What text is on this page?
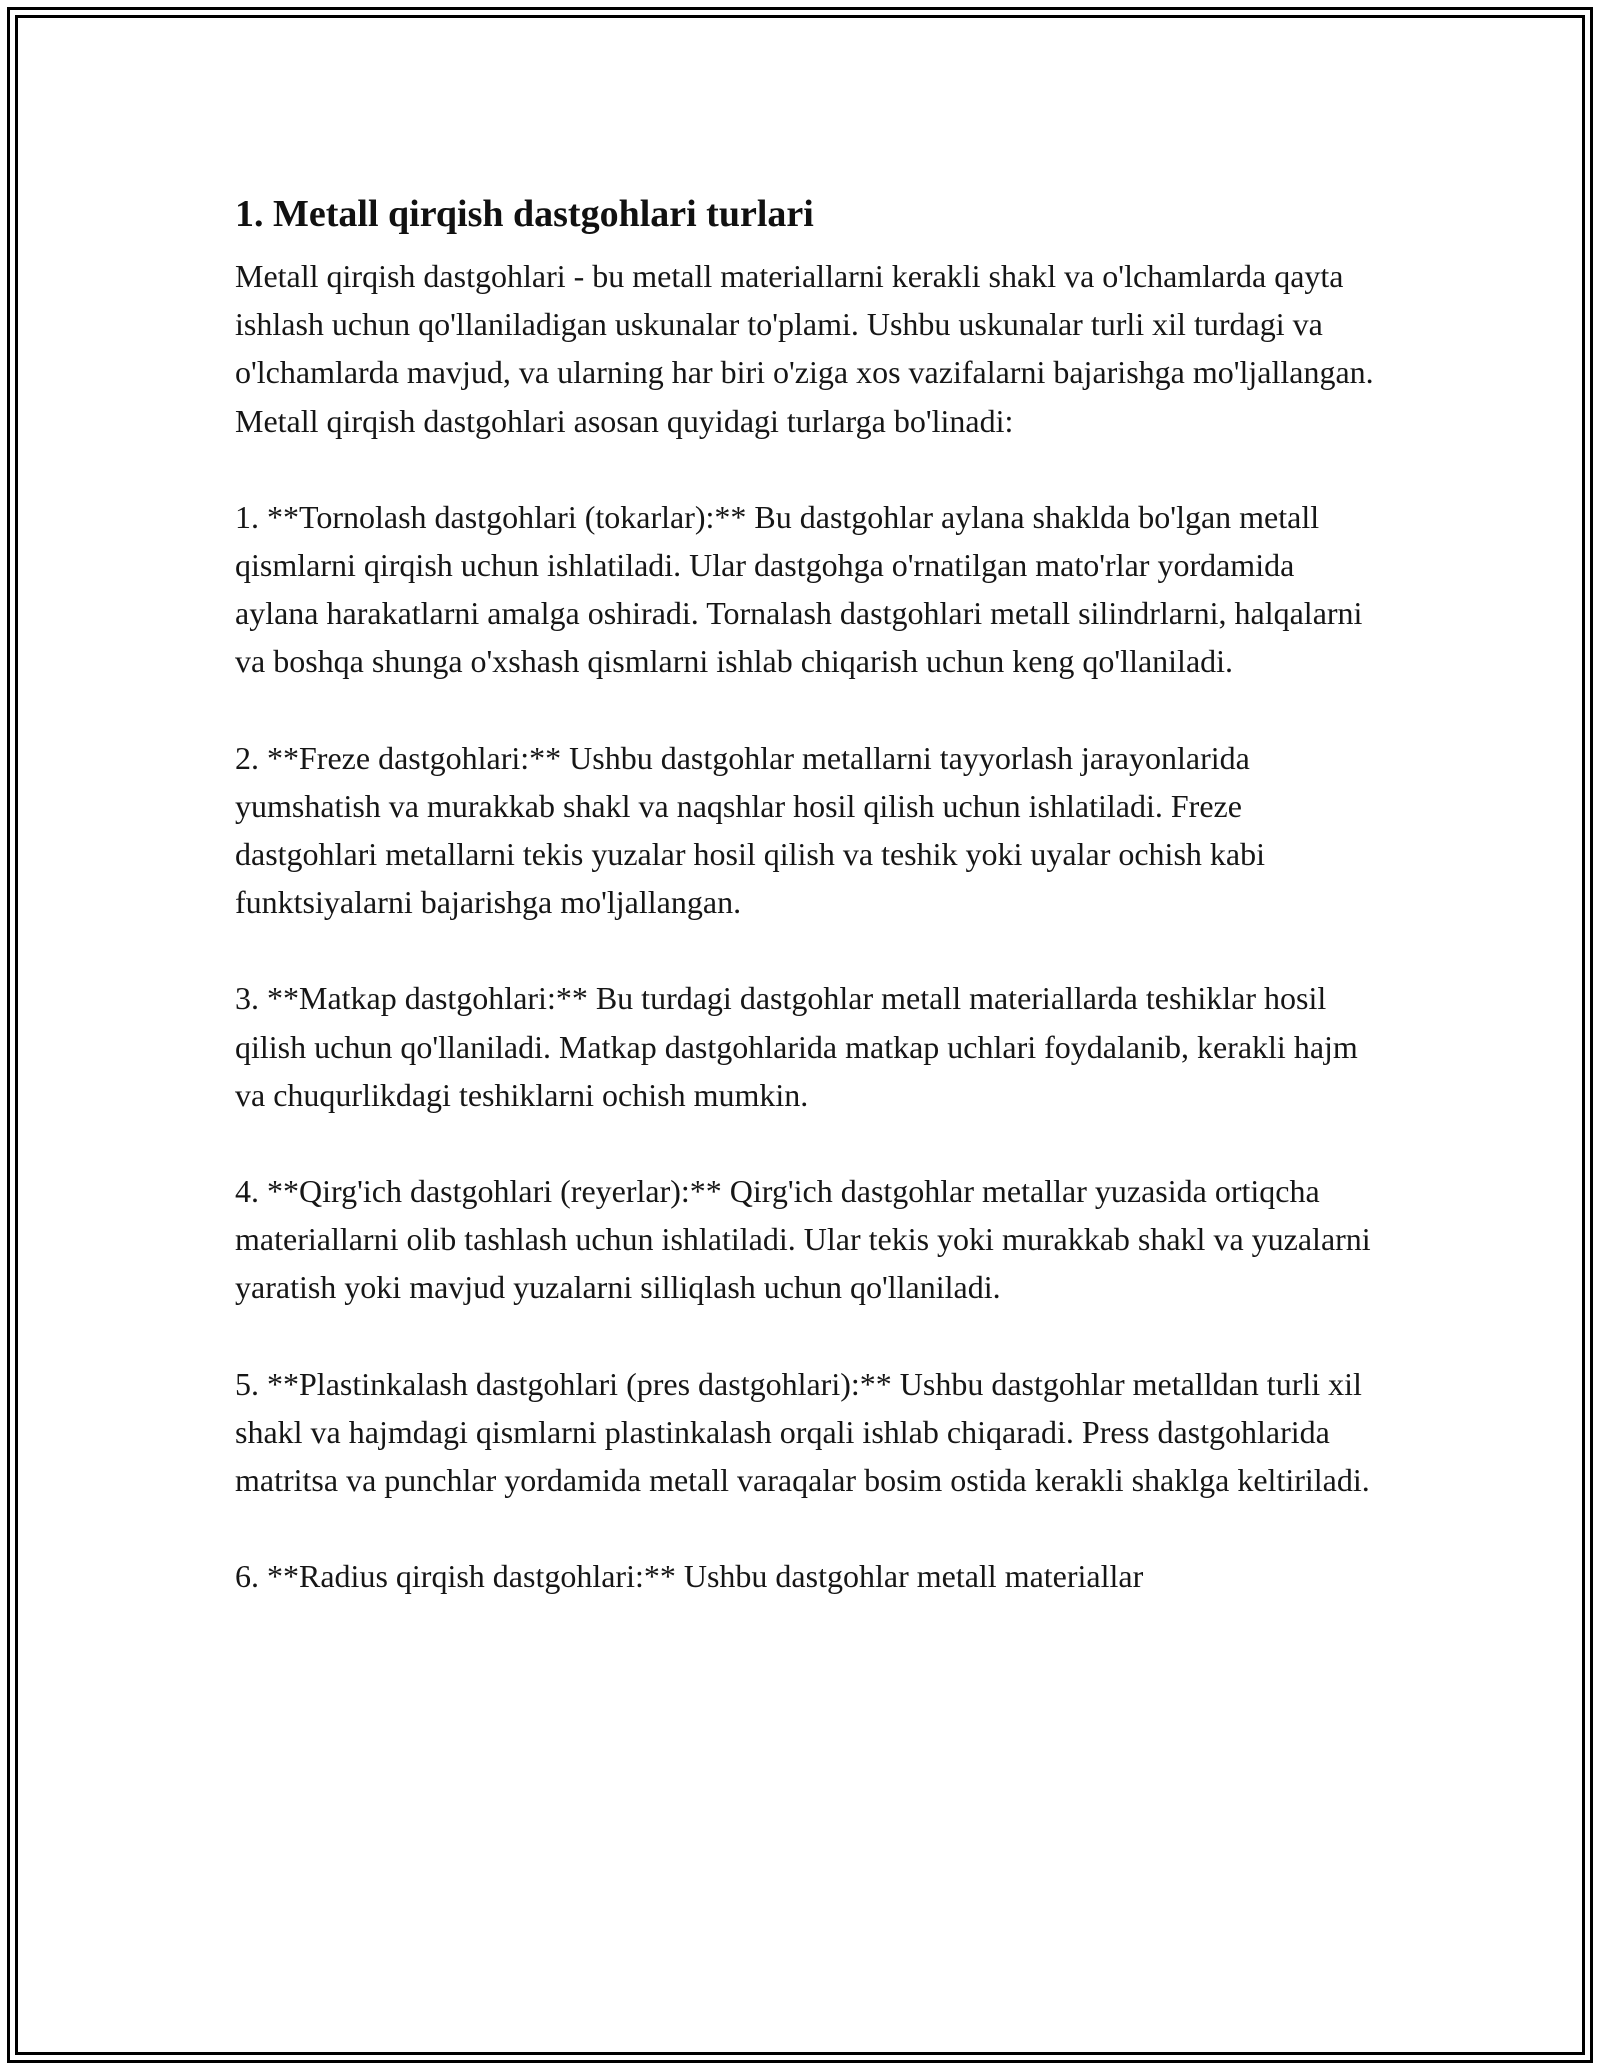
1. Metall qirqish dastgohlari turlari

Metall qirqish dastgohlari - bu metall materiallarni kerakli shakl va o'lchamlarda qayta ishlash uchun qo'llaniladigan uskunalar to'plami. Ushbu uskunalar turli xil turdagi va o'lchamlarda mavjud, va ularning har biri o'ziga xos vazifalarni bajarishga mo'ljallangan. Metall qirqish dastgohlari asosan quyidagi turlarga bo'linadi:

1. **Tornolash dastgohlari (tokarlar):** Bu dastgohlar aylana shaklda bo'lgan metall qismlarni qirqish uchun ishlatiladi. Ular dastgohga o'rnatilgan mato'rlar yordamida aylana harakatlarni amalga oshiradi. Tornalash dastgohlari metall silindrlarni, halqalarni va boshqa shunga o'xshash qismlarni ishlab chiqarish uchun keng qo'llaniladi.

2. **Freze dastgohlari:** Ushbu dastgohlar metallarni tayyorlash jarayonlarida yumshatish va murakkab shakl va naqshlar hosil qilish uchun ishlatiladi. Freze dastgohlari metallarni tekis yuzalar hosil qilish va teshik yoki uyalar ochish kabi funktsiyalarni bajarishga mo'ljallangan.

3. **Matkap dastgohlari:** Bu turdagi dastgohlar metall materiallarda teshiklar hosil qilish uchun qo'llaniladi. Matkap dastgohlarida matkap uchlari foydalanib, kerakli hajm va chuqurlikdagi teshiklarni ochish mumkin.

4. **Qirg'ich dastgohlari (reyerlar):** Qirg'ich dastgohlar metallar yuzasida ortiqcha materiallarni olib tashlash uchun ishlatiladi. Ular tekis yoki murakkab shakl va yuzalarni yaratish yoki mavjud yuzalarni silliqlash uchun qo'llaniladi.

5. **Plastinkalash dastgohlari (pres dastgohlari):** Ushbu dastgohlar metalldan turli xil shakl va hajmdagi qismlarni plastinkalash orqali ishlab chiqaradi. Press dastgohlarida matritsa va punchlar yordamida metall varaqalar bosim ostida kerakli shaklga keltiriladi.

6. **Radius qirqish dastgohlari:** Ushbu dastgohlar metall materiallar
